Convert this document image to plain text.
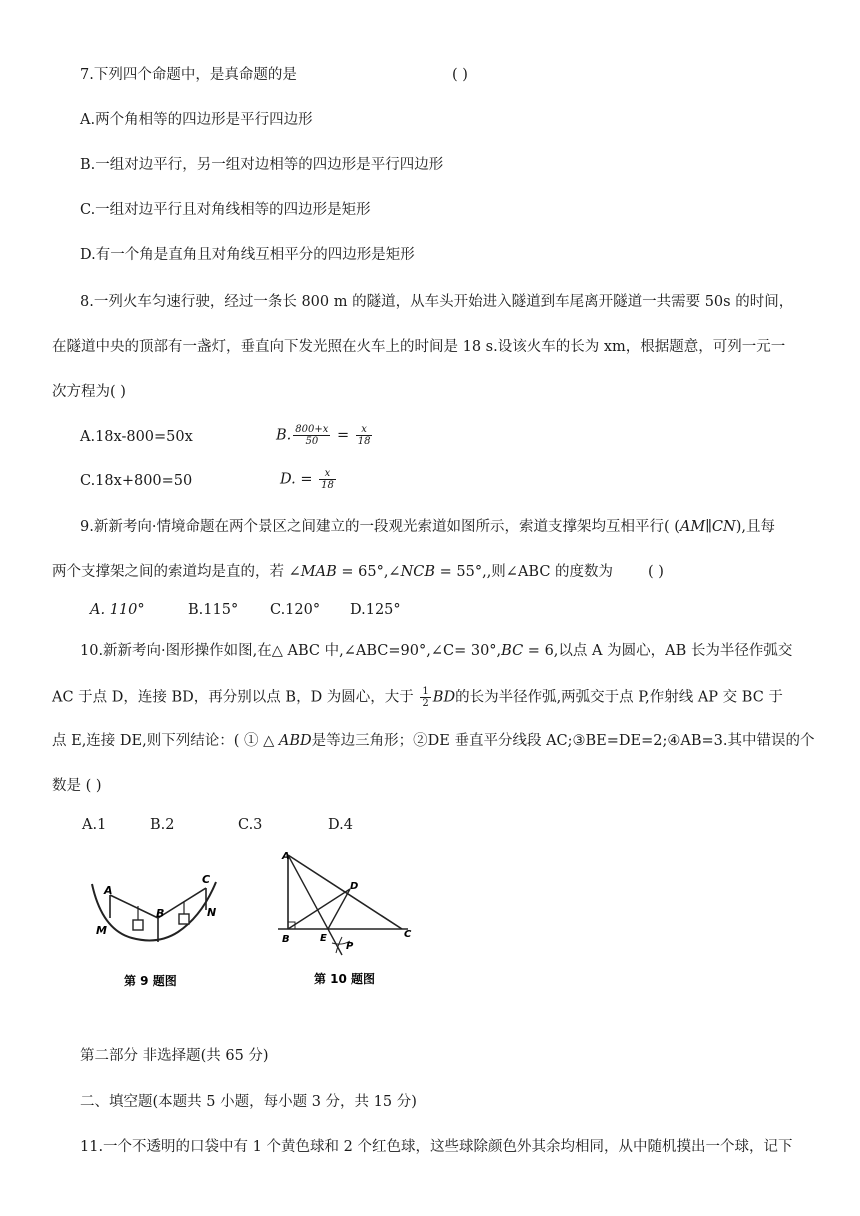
7.下列四个命题中，是真命题的是	( )
A.两个角相等的四边形是平行四边形
B.一组对边平行，另一组对边相等的四边形是平行四边形
C.一组对边平行且对角线相等的四边形是矩形
D.有一个角是直角且对角线互相平分的四边形是矩形
8.一列火车匀速行驶，经过一条长 800 m 的隧道，从车头开始进入隧道到车尾离开隧道一共需要 50s 的时间，
在隧道中央的顶部有一盏灯，垂直向下发光照在火车上的时间是 18 s.设该火车的长为 xm，根据题意，可列一元一
次方程为( )
A.18x-800=50x	B. $\frac{800+x}{50} = \frac{x}{18}$
C.18x+800=50	D. = $\frac{x}{18}$
9.新新考向·情境命题在两个景区之间建立的一段观光索道如图所示，索道支撑架均互相平行( (AM∥CN),且每
两个支撑架之间的索道均是直的，若 ∠MAB = 65°,∠NCB = 55°,,则∠ABC 的度数为 ( )
A. 110°	B.115° C.120° D.125°
10.新新考向·图形操作如图,在△ ABC 中,∠ABC=90°,∠C= 30°,BC = 6,以点 A 为圆心，AB 长为半径作弧交
AC 于点 D，连接 BD，再分别以点 B，D 为圆心，大于 $\frac{1}{2}$ BD的长为半径作弧,两弧交于点 P,作射线 AP 交 BC 于
点 E,连接 DE,则下列结论：( ① △ ABD是等边三角形；②DE 垂直平分线段 AC;③BE=DE=2;④AB=3.其中错误的个
数是 ( )
A.1	B.2	C.3	D.4
A
B
C
M
N
第 9 题图
A
D
B	E	C
P
第 10 题图
第二部分 非选择题(共 65 分)
二、填空题(本题共 5 小题，每小题 3 分，共 15 分)
11.一个不透明的口袋中有 1 个黄色球和 2 个红色球，这些球除颜色外其余均相同，从中随机摸出一个球，记下
